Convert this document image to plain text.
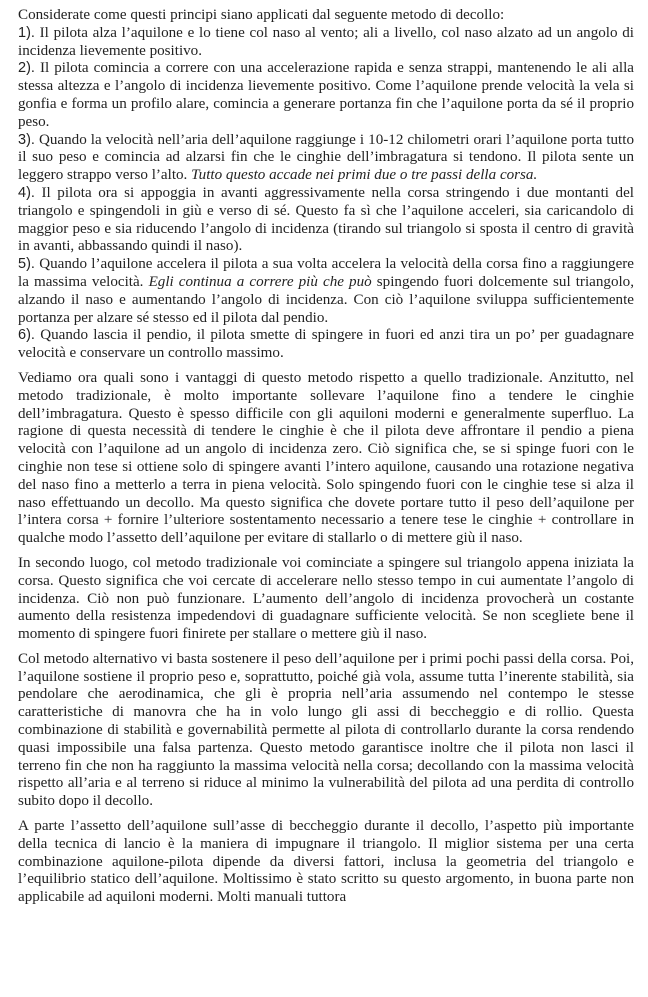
Considerate come questi principi siano applicati dal seguente metodo di decollo:

1). Il pilota alza l’aquilone e lo tiene col naso al vento; ali a livello, col naso alzato ad un angolo di incidenza lievemente positivo.

2). Il pilota comincia a correre con una accelerazione rapida e senza strappi, mantenendo le ali alla stessa altezza e l’angolo di incidenza lievemente positivo. Come l’aquilone prende velocità la vela si gonfia e forma un profilo alare, comincia a generare portanza fin che l’aquilone porta da sé il proprio peso.

3). Quando la velocità nell’aria dell’aquilone raggiunge i 10-12 chilometri orari l’aquilone porta tutto il suo peso e comincia ad alzarsi fin che le cinghie dell’imbragatura si tendono. Il pilota sente un leggero strappo verso l’alto. Tutto questo accade nei primi due o tre passi della corsa.

4). Il pilota ora si appoggia in avanti aggressivamente nella corsa stringendo i due montanti del triangolo e spingendoli in giù e verso di sé. Questo fa sì che l’aquilone acceleri, sia caricandolo di maggior peso e sia riducendo l’angolo di incidenza (tirando sul triangolo si sposta il centro di gravità in avanti, abbassando quindi il naso).

5). Quando l’aquilone accelera il pilota a sua volta accelera la velocità della corsa fino a raggiungere la massima velocità. Egli continua a correre più che può spingendo fuori dolcemente sul triangolo, alzando il naso e aumentando l’angolo di incidenza. Con ciò l’aquilone sviluppa sufficientemente portanza per alzare sé stesso ed il pilota dal pendio.

6). Quando lascia il pendio, il pilota smette di spingere in fuori ed anzi tira un po’ per guadagnare velocità e conservare un controllo massimo.

Vediamo ora quali sono i vantaggi di questo metodo rispetto a quello tradizionale. Anzitutto, nel metodo tradizionale, è molto importante sollevare l’aquilone fino a tendere le cinghie dell’imbragatura. Questo è spesso difficile con gli aquiloni moderni e generalmente superfluo. La ragione di questa necessità di tendere le cinghie è che il pilota deve affrontare il pendio a piena velocità con l’aquilone ad un angolo di incidenza zero. Ciò significa che, se si spinge fuori con le cinghie non tese si ottiene solo di spingere avanti l’intero aquilone, causando una rotazione negativa del naso fino a metterlo a terra in piena velocità. Solo spingendo fuori con le cinghie tese si alza il naso effettuando un decollo. Ma questo significa che dovete portare tutto il peso dell’aquilone per l’intera corsa + fornire l’ulteriore sostentamento necessario a tenere tese le cinghie + controllare in qualche modo l’assetto dell’aquilone per evitare di stallarlo o di mettere giù il naso.

In secondo luogo, col metodo tradizionale voi cominciate a spingere sul triangolo appena iniziata la corsa. Questo significa che voi cercate di accelerare nello stesso tempo in cui aumentate l’angolo di incidenza. Ciò non può funzionare. L’aumento dell’angolo di incidenza provocherà un costante aumento della resistenza impedendovi di guadagnare sufficiente velocità. Se non scegliete bene il momento di spingere fuori finirete per stallare o mettere giù il naso.

Col metodo alternativo vi basta sostenere il peso dell’aquilone per i primi pochi passi della corsa. Poi, l’aquilone sostiene il proprio peso e, soprattutto, poiché già vola, assume tutta l’inerente stabilità, sia pendolare che aerodinamica, che gli è propria nell’aria assumendo nel contempo le stesse caratteristiche di manovra che ha in volo lungo gli assi di beccheggio e di rollio. Questa combinazione di stabilità e governabilità permette al pilota di controllarlo durante la corsa rendendo quasi impossibile una falsa partenza. Questo metodo garantisce inoltre che il pilota non lasci il terreno fin che non ha raggiunto la massima velocità nella corsa; decollando con la massima velocità rispetto all’aria e al terreno si riduce al minimo la vulnerabilità del pilota ad una perdita di controllo subito dopo il decollo.

A parte l’assetto dell’aquilone sull’asse di beccheggio durante il decollo, l’aspetto più importante della tecnica di lancio è la maniera di impugnare il triangolo. Il miglior sistema per una certa combinazione aquilone-pilota dipende da diversi fattori, inclusa la geometria del triangolo e l’equilibrio statico dell’aquilone. Moltissimo è stato scritto su questo argomento, in buona parte non applicabile ad aquiloni moderni. Molti manuali tuttora
